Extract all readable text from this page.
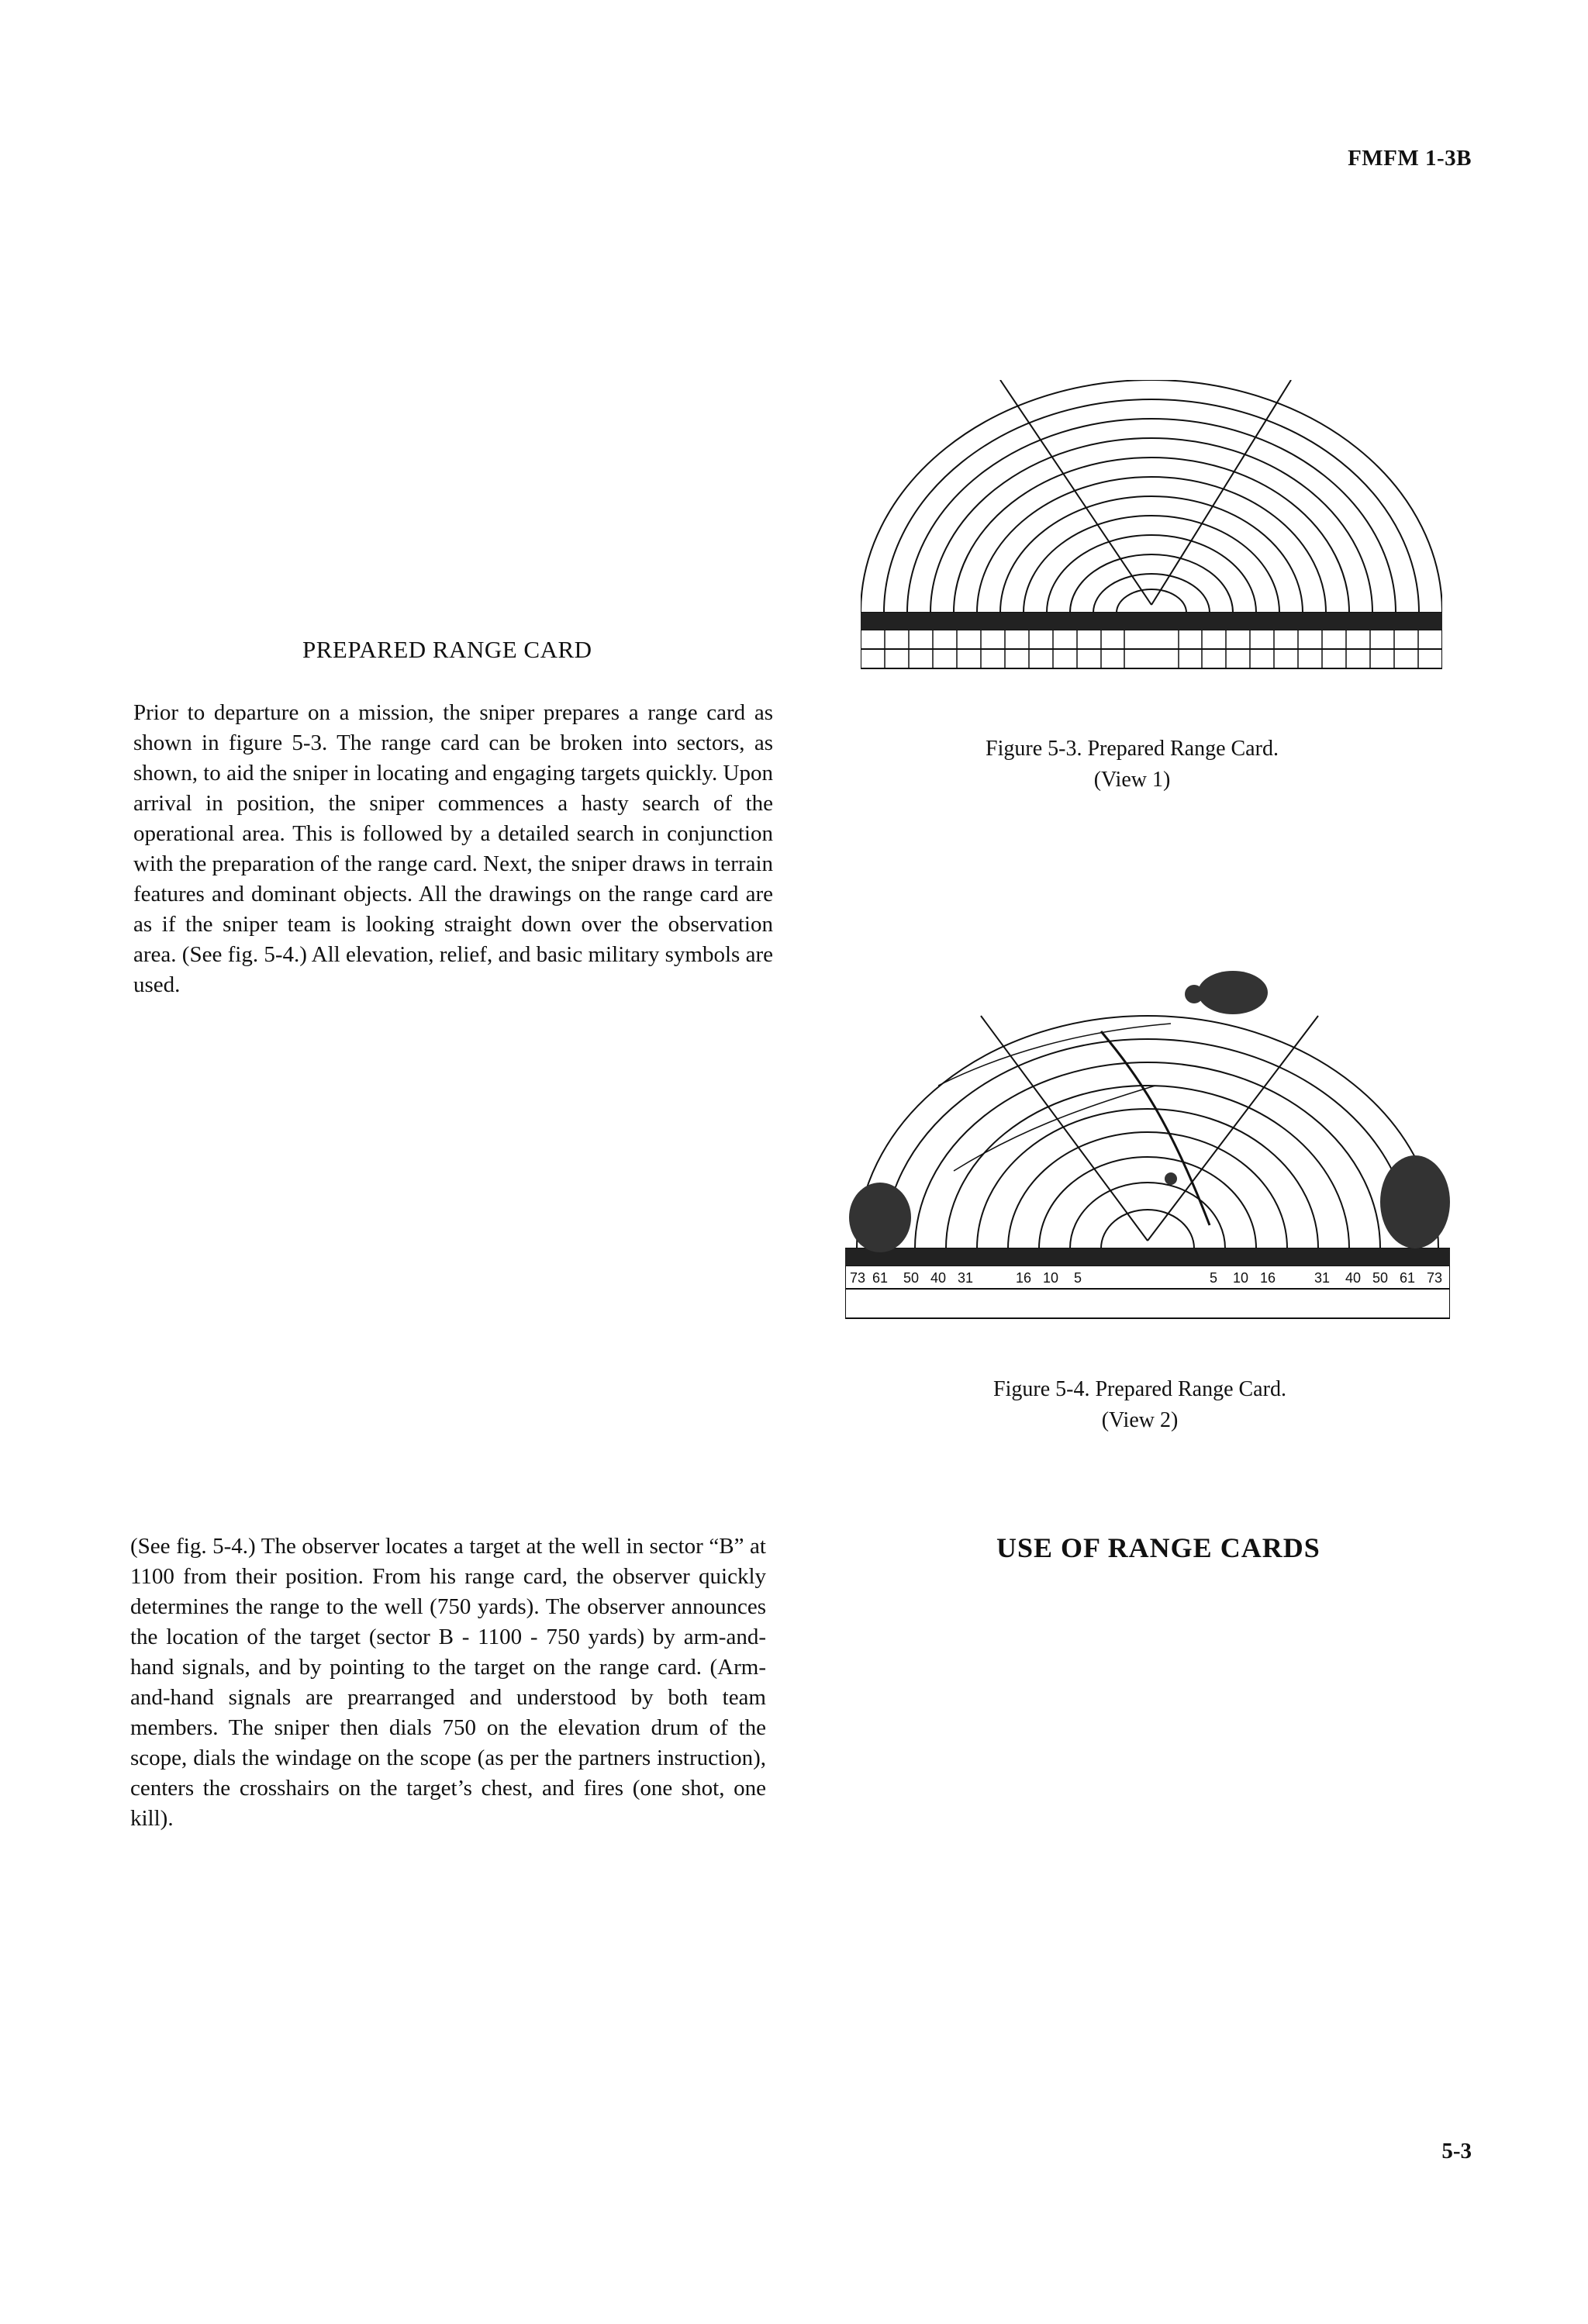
FMFM 1-3B
PREPARED RANGE CARD
Prior to departure on a mission, the sniper prepares a range card as shown in figure 5-3. The range card can be broken into sectors, as shown, to aid the sniper in locating and engaging targets quickly. Upon arrival in position, the sniper commences a hasty search of the operational area. This is followed by a detailed search in conjunction with the preparation of the range card. Next, the sniper draws in terrain features and dominant objects. All the drawings on the range card are as if the sniper team is looking straight down over the observation area. (See fig. 5-4.) All elevation, relief, and basic military symbols are used.
Figure 5-3. Prepared Range Card.
(View 1)
73 61 50 40 31	16 10 5	5 10 16	31 40 50 61 73
Figure 5-4. Prepared Range Card.
(View 2)
(See fig. 5-4.) The observer locates a target at the well in sector “B” at 1100 from their position. From his range card, the observer quickly determines the range to the well (750 yards). The observer announces the location of the target (sector B - 1100 - 750 yards) by arm-and-hand signals, and by pointing to the target on the range card. (Arm-and-hand signals are prearranged and understood by both team members. The sniper then dials 750 on the elevation drum of the scope, dials the windage on the scope (as per the partners instruction), centers the crosshairs on the target’s chest, and fires (one shot, one kill).
USE OF RANGE CARDS
5-3
